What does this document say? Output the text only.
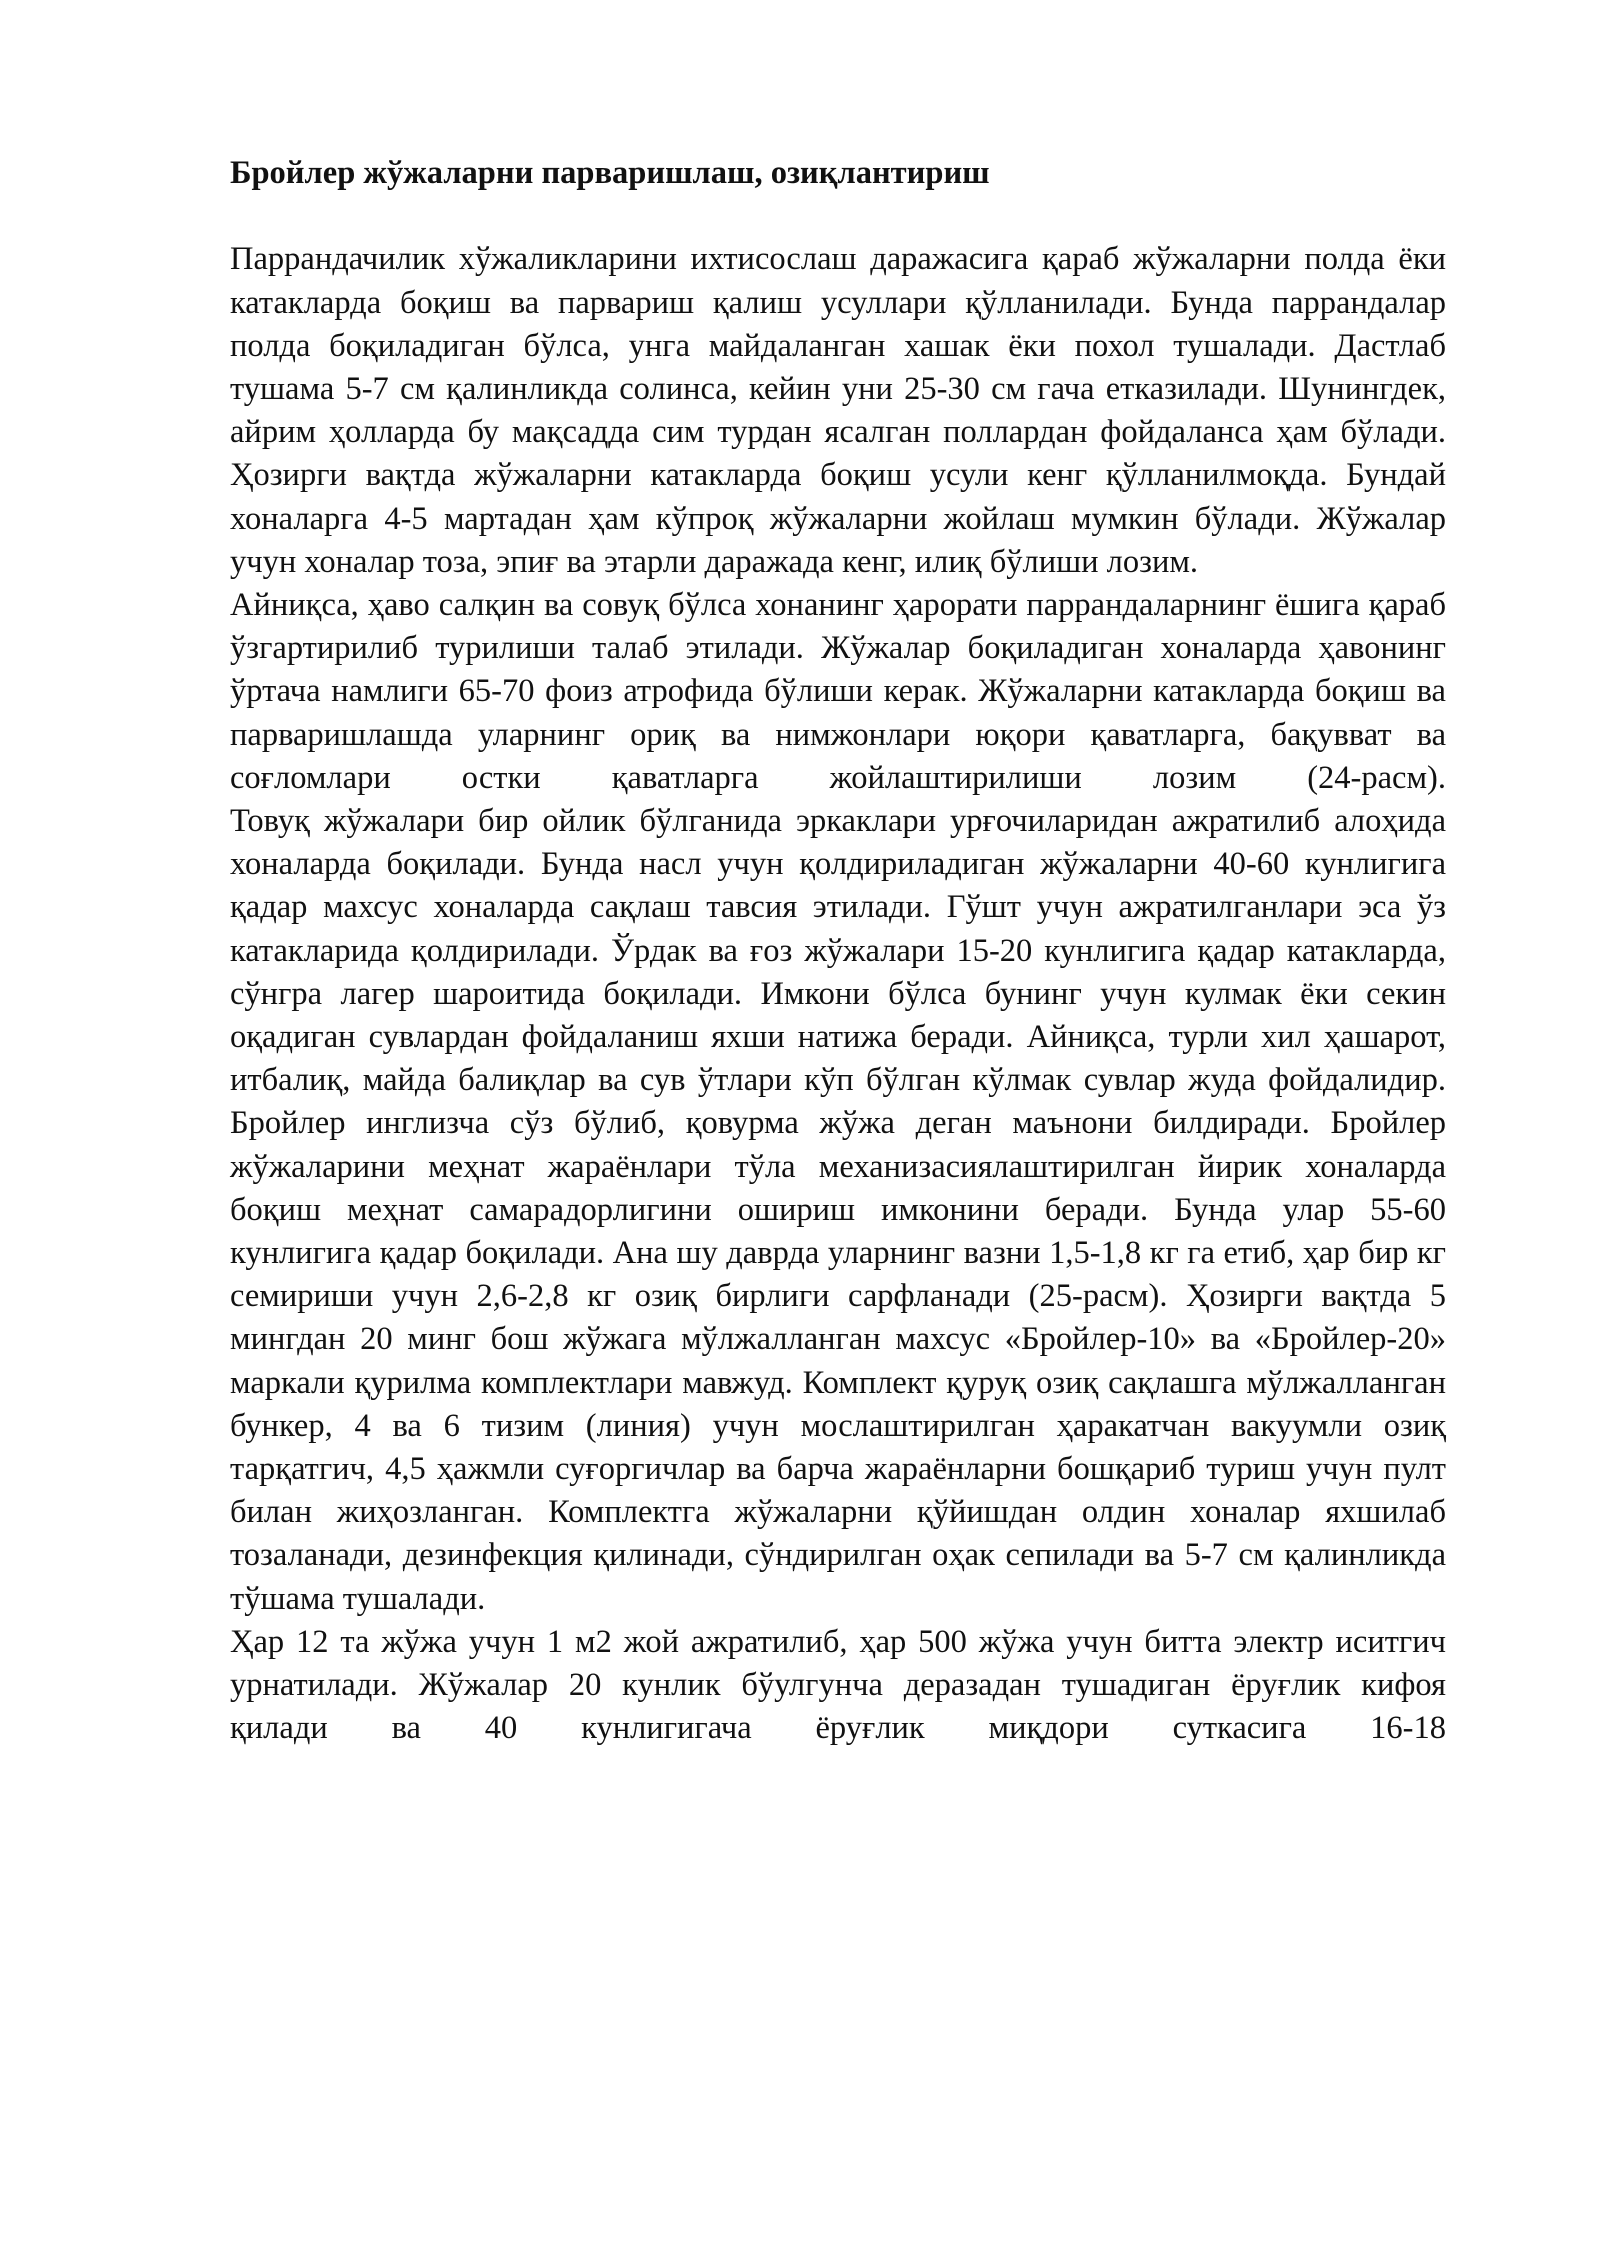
Бройлер жўжаларни парваришлаш, озиқлантириш

Паррандачилик хўжаликларини ихтисослаш даражасига қараб жўжаларни полда ёки катакларда боқиш ва парвариш қалиш усуллари қўлланилади. Бунда паррандалар полда боқиладиган бўлса, унга майдаланган хашак ёки похол тушалади. Дастлаб тушама 5-7 см қалинликда солинса, кейин уни 25-30 см гача етказилади. Шунингдек, айрим ҳолларда бу мақсадда сим турдан ясалган поллардан фойдаланса ҳам бўлади. Ҳозирги вақтда жўжаларни катакларда боқиш усули кенг қўлланилмоқда. Бундай хоналарга 4-5 мартадан ҳам кўпроқ жўжаларни жойлаш мумкин бўлади. Жўжалар учун хоналар тоза, эпиғ ва этарли даражада кенг, илиқ бўлиши лозим.

Айниқса, ҳаво салқин ва совуқ бўлса хонанинг ҳарорати паррандаларнинг ёшига қараб ўзгартирилиб турилиши талаб этилади. Жўжалар боқиладиган хоналарда ҳавонинг ўртача намлиги 65-70 фоиз атрофида бўлиши керак. Жўжаларни катакларда боқиш ва парваришлашда уларнинг ориқ ва нимжонлари юқори қаватларга, бақувват ва соғломлари остки қаватларга жойлаштирилиши лозим (24-расм).

Товуқ жўжалари бир ойлик бўлганида эркаклари урғочиларидан ажратилиб алоҳида хоналарда боқилади. Бунда насл учун қолдириладиган жўжаларни 40-60 кунлигига қадар махсус хоналарда сақлаш тавсия этилади. Гўшт учун ажратилганлари эса ўз катакларида қолдирилади. Ўрдак ва ғоз жўжалари 15-20 кунлигига қадар катакларда, сўнгра лагер шароитида боқилади. Имкони бўлса бунинг учун кулмак ёки секин оқадиган сувлардан фойдаланиш яхши натижа беради. Айниқса, турли хил ҳашарот, итбалиқ, майда балиқлар ва сув ўтлари кўп бўлган кўлмак сувлар жуда фойдалидир.

Бройлер инглизча сўз бўлиб, қовурма жўжа деган маънони билдиради. Бройлер жўжаларини меҳнат жараёнлари тўла механизасиялаштирилган йирик хоналарда боқиш меҳнат самарадорлигини ошириш имконини беради. Бунда улар 55-60 кунлигига қадар боқилади. Ана шу даврда уларнинг вазни 1,5-1,8 кг га етиб, ҳар бир кг семириши учун 2,6-2,8 кг озиқ бирлиги сарфланади (25-расм). Ҳозирги вақтда 5 мингдан 20 минг бош жўжага мўлжалланган махсус «Бройлер-10» ва «Бройлер-20» маркали қурилма комплектлари мавжуд. Комплект қуруқ озиқ сақлашга мўлжалланган бункер, 4 ва 6 тизим (линия) учун мослаштирилган ҳаракатчан вакуумли озиқ тарқатгич, 4,5 ҳажмли суғоргичлар ва барча жараёнларни бошқариб туриш учун пулт билан жиҳозланган. Комплектга жўжаларни қўйишдан олдин хоналар яхшилаб тозаланади, дезинфекция қилинади, сўндирилган оҳак сепилади ва 5-7 см қалинликда тўшама тушалади.

Ҳар 12 та жўжа учун 1 м2 жой ажратилиб, ҳар 500 жўжа учун битта электр иситгич урнатилади. Жўжалар 20 кунлик бўулгунча деразадан тушадиган ёруғлик кифоя қилади ва 40 кунлигигача ёруғлик миқдори суткасига 16-18
